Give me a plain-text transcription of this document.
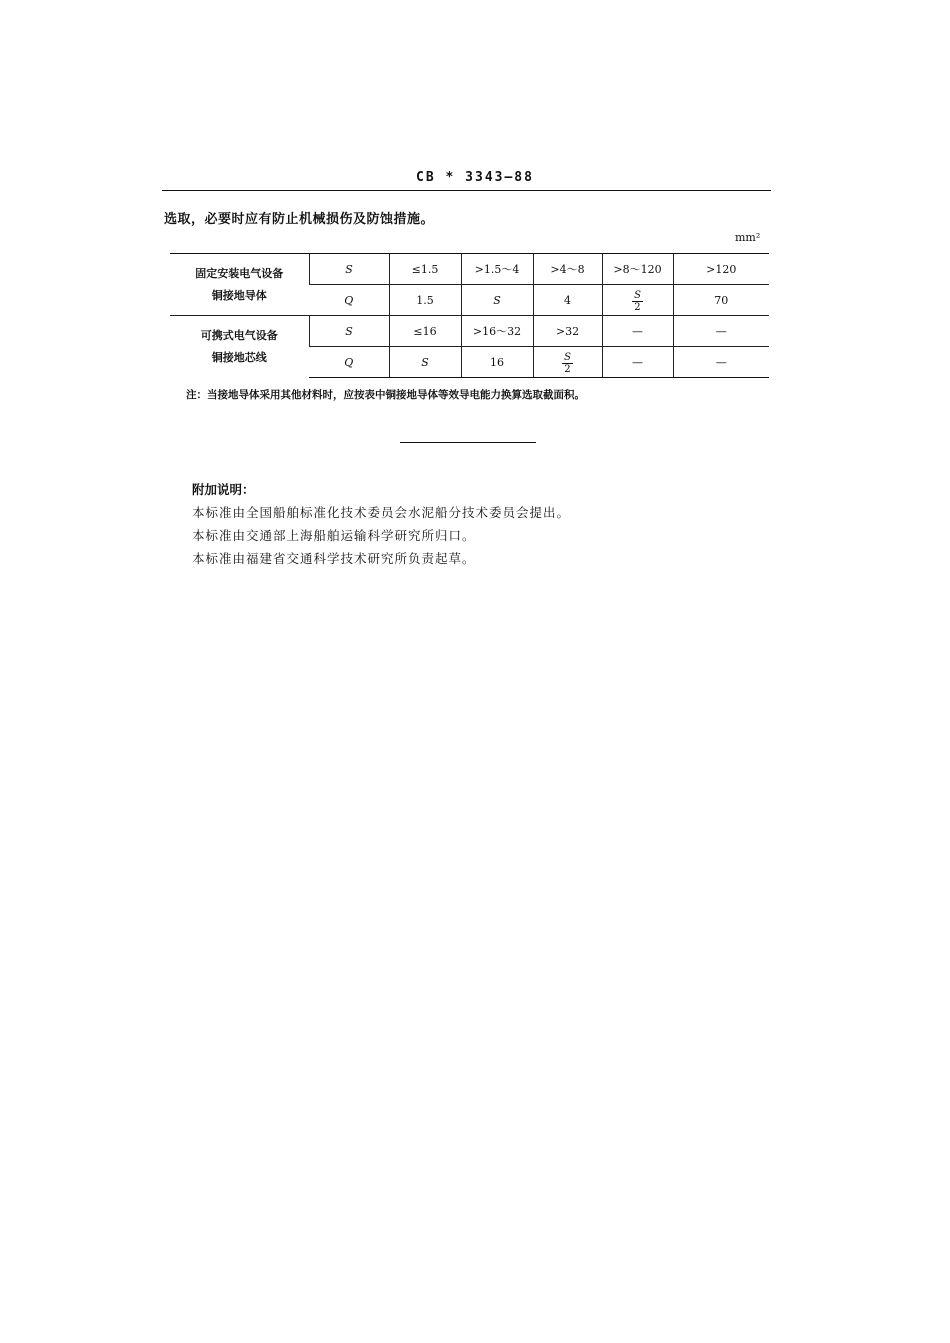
CB * 3343—88
选取，必要时应有防止机械损伤及防蚀措施。
mm²
固定安装电气设备
铜接地导体	S	≤1.5	>1.5～4	>4～8	>8～120	>120
	Q	1.5	S	4	$\frac{S}{2}$	70

可携式电气设备
铜接地芯线	S	≤16	>16～32	>32	—	—
	Q	S	16	$\frac{S}{2}$	—	—
注：当接地导体采用其他材料时，应按表中铜接地导体等效导电能力换算选取截面积。
附加说明：
本标准由全国船舶标准化技术委员会水泥船分技术委员会提出。
本标准由交通部上海船舶运输科学研究所归口。
本标准由福建省交通科学技术研究所负责起草。
